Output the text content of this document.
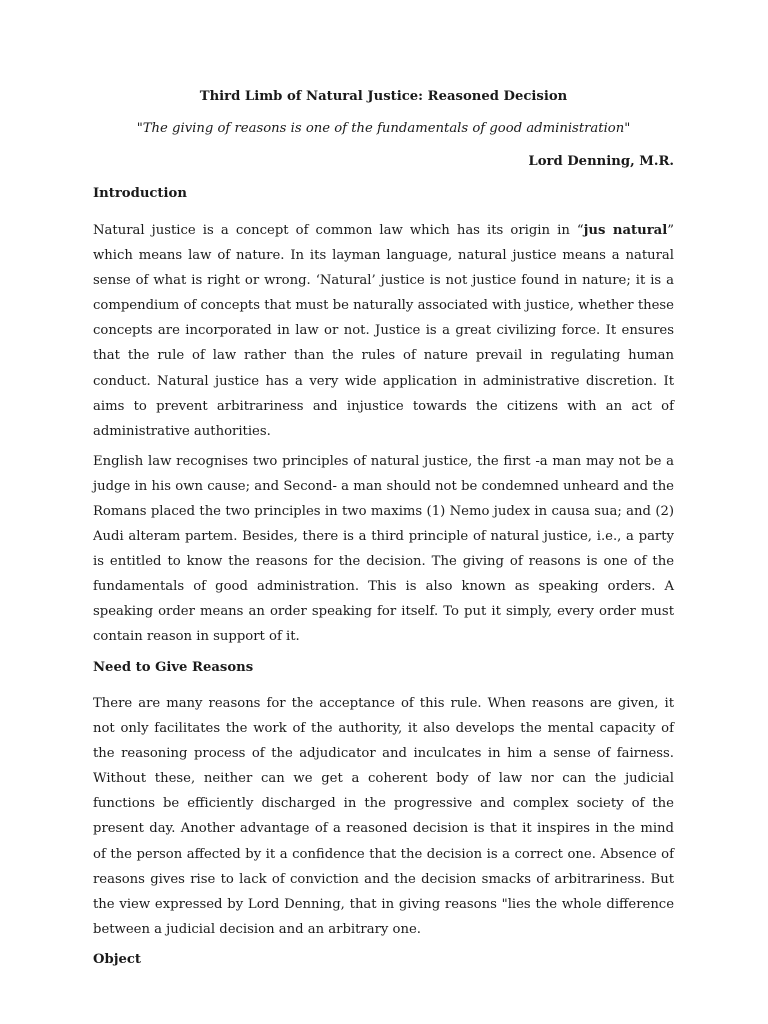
Third Limb of Natural Justice: Reasoned Decision
"The giving of reasons is one of the fundamentals of good administration"
Lord Denning, M.R.
Introduction

Natural justice is a concept of common law which has its origin in “jus natural” which means law of nature. In its layman language, natural justice means a natural sense of what is right or wrong. ‘Natural’ justice is not justice found in nature; it is a compendium of concepts that must be naturally associated with justice, whether these concepts are incorporated in law or not. Justice is a great civilizing force. It ensures that the rule of law rather than the rules of nature prevail in regulating human conduct. Natural justice has a very wide application in administrative discretion. It aims to prevent arbitrariness and injustice towards the citizens with an act of administrative authorities.

English law recognises two principles of natural justice, the first -a man may not be a judge in his own cause; and Second- a man should not be condemned unheard and the Romans placed the two principles in two maxims (1) Nemo judex in causa sua; and (2) Audi alteram partem. Besides, there is a third principle of natural justice, i.e., a party is entitled to know the reasons for the decision. The giving of reasons is one of the fundamentals of good administration. This is also known as speaking orders. A speaking order means an order speaking for itself. To put it simply, every order must contain reason in support of it.

Need to Give Reasons

There are many reasons for the acceptance of this rule. When reasons are given, it not only facilitates the work of the authority, it also develops the mental capacity of the reasoning process of the adjudicator and inculcates in him a sense of fairness. Without these, neither can we get a coherent body of law nor can the judicial functions be efficiently discharged in the progressive and complex society of the present day. Another advantage of a reasoned decision is that it inspires in the mind of the person affected by it a confidence that the decision is a correct one. Absence of reasons gives rise to lack of conviction and the decision smacks of arbitrariness. But the view expressed by Lord Denning, that in giving reasons "lies the whole difference between a judicial decision and an arbitrary one.

Object
